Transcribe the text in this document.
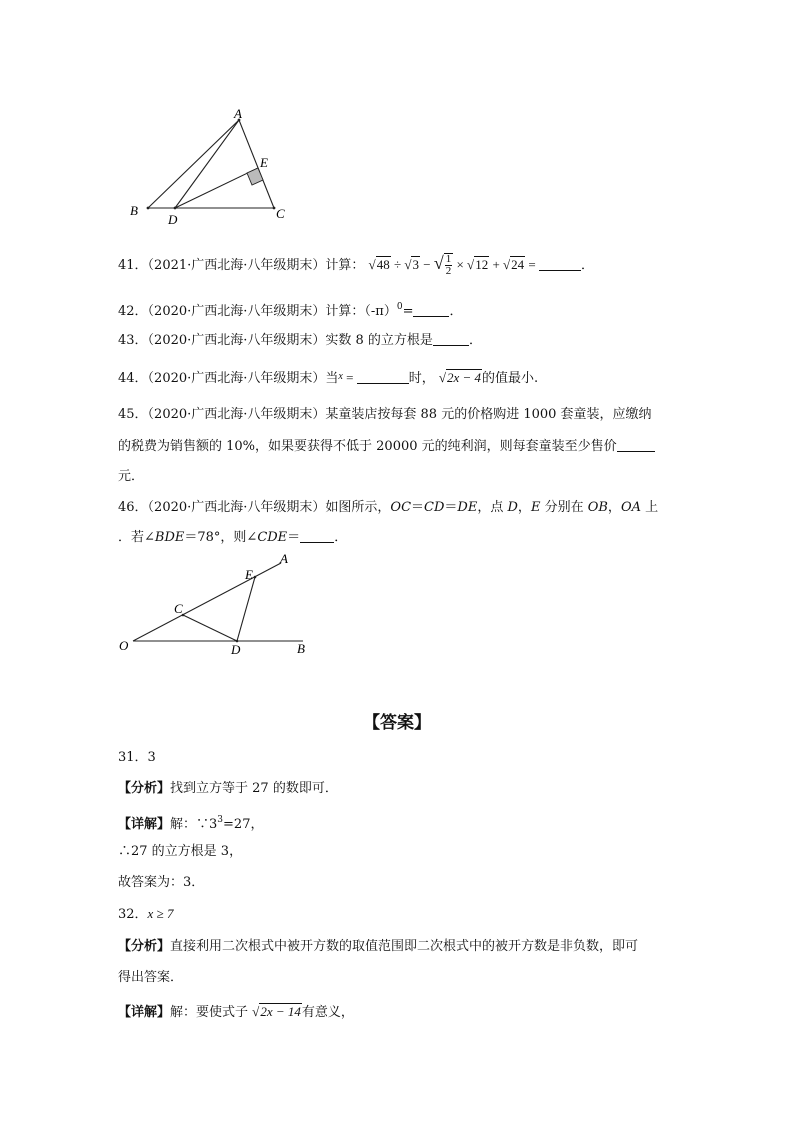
A
B	C
D
E
41．（2021·广西北海·八年级期末）计算： √48 ÷ √3 − √ $\frac{1}{2} \times √12 + √24$ =	．
42．（2020·广西北海·八年级期末）计算：$(-\pi)^0=$	．
43．（2020·广西北海·八年级期末）实数 8 的立方根是	．
44．（2020·广西北海·八年级期末）当$^x$ =	时， √2x − 4的值最小.
45．（2020·广西北海·八年级期末）某童装店按每套 88 元的价格购进 1000 套童装，应缴纳
的税费为销售额的 10%，如果要获得不低于 20000 元的纯利润，则每套童装至少售价
元．
46．（2020·广西北海·八年级期末）如图所示，OC＝CD＝DE，点 D，E 分别在 OB，OA 上
．若∠BDE＝78°，则∠CDE＝	．
O
C
E
A
D	B
【答案】
31．3
【分析】找到立方等于 27 的数即可．
【详解】解：$\because 3^3=27$，
∴27 的立方根是 3，
故答案为：3．
32．x ≥ 7
【分析】直接利用二次根式中被开方数的取值范围即二次根式中的被开方数是非负数，即可
得出答案．
【详解】解：要使式子 √2x − 14有意义，
